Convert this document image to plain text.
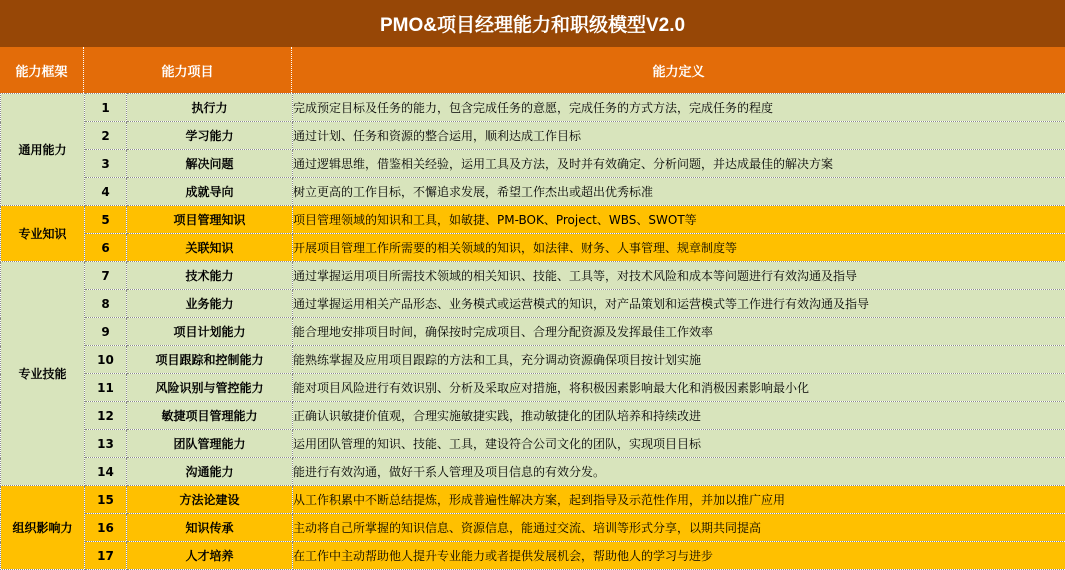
PMO&项目经理能力和职级模型V2.0
能力框架	能力项目	能力定义
通用能力	1	执行力	完成预定目标及任务的能力，包含完成任务的意愿，完成任务的方式方法，完成任务的程度
	2	学习能力	通过计划、任务和资源的整合运用，顺利达成工作目标
	3	解决问题	通过逻辑思维，借鉴相关经验，运用工具及方法，及时并有效确定、分析问题，并达成最佳的解决方案
	4	成就导向	树立更高的工作目标，不懈追求发展，希望工作杰出或超出优秀标准
专业知识	5	项目管理知识	项目管理领域的知识和工具，如敏捷、PM-BOK、Project、WBS、SWOT等
	6	关联知识	开展项目管理工作所需要的相关领域的知识，如法律、财务、人事管理、规章制度等
专业技能	7	技术能力	通过掌握运用项目所需技术领域的相关知识、技能、工具等，对技术风险和成本等问题进行有效沟通及指导
	8	业务能力	通过掌握运用相关产品形态、业务模式或运营模式的知识，对产品策划和运营模式等工作进行有效沟通及指导
	9	项目计划能力	能合理地安排项目时间，确保按时完成项目、合理分配资源及发挥最佳工作效率
	10	项目跟踪和控制能力	能熟练掌握及应用项目跟踪的方法和工具，充分调动资源确保项目按计划实施
	11	风险识别与管控能力	能对项目风险进行有效识别、分析及采取应对措施，将积极因素影响最大化和消极因素影响最小化
	12	敏捷项目管理能力	正确认识敏捷价值观，合理实施敏捷实践，推动敏捷化的团队培养和持续改进
	13	团队管理能力	运用团队管理的知识、技能、工具，建设符合公司文化的团队，实现项目目标
	14	沟通能力	能进行有效沟通，做好干系人管理及项目信息的有效分发。
组织影响力	15	方法论建设	从工作积累中不断总结提炼，形成普遍性解决方案，起到指导及示范性作用，并加以推广应用
	16	知识传承	主动将自己所掌握的知识信息、资源信息，能通过交流、培训等形式分享，以期共同提高
	17	人才培养	在工作中主动帮助他人提升专业能力或者提供发展机会，帮助他人的学习与进步
